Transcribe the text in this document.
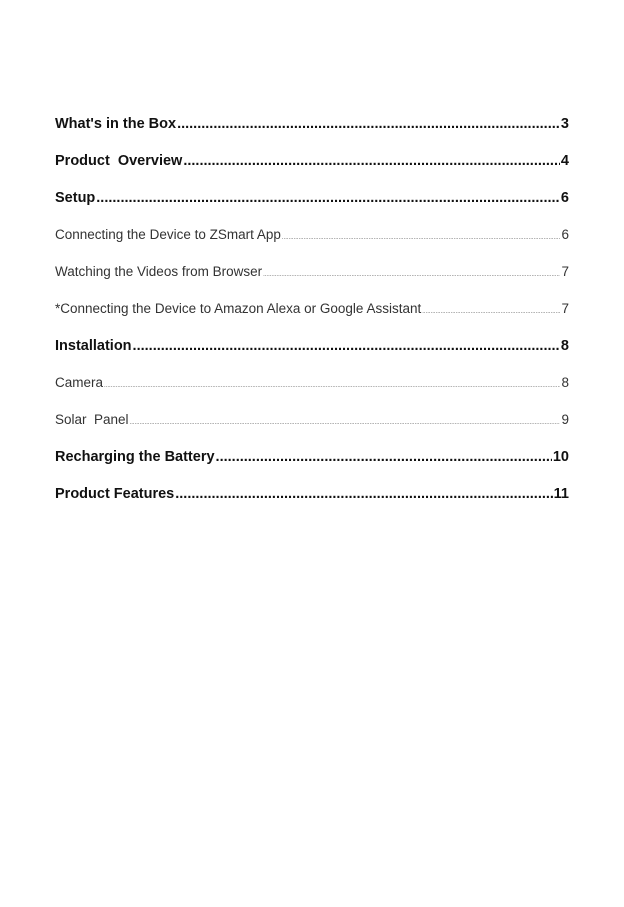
What's in the Box .....	3
Product  Overview .....	4
Setup .....	6
Connecting the Device to ZSmart App .....	6
Watching the Videos from Browser .....	7
*Connecting the Device to Amazon Alexa or Google Assistant .....	7
Installation .....	8
Camera .....	8
Solar  Panel .....	9
Recharging the Battery .....	10
Product Features .....	11
